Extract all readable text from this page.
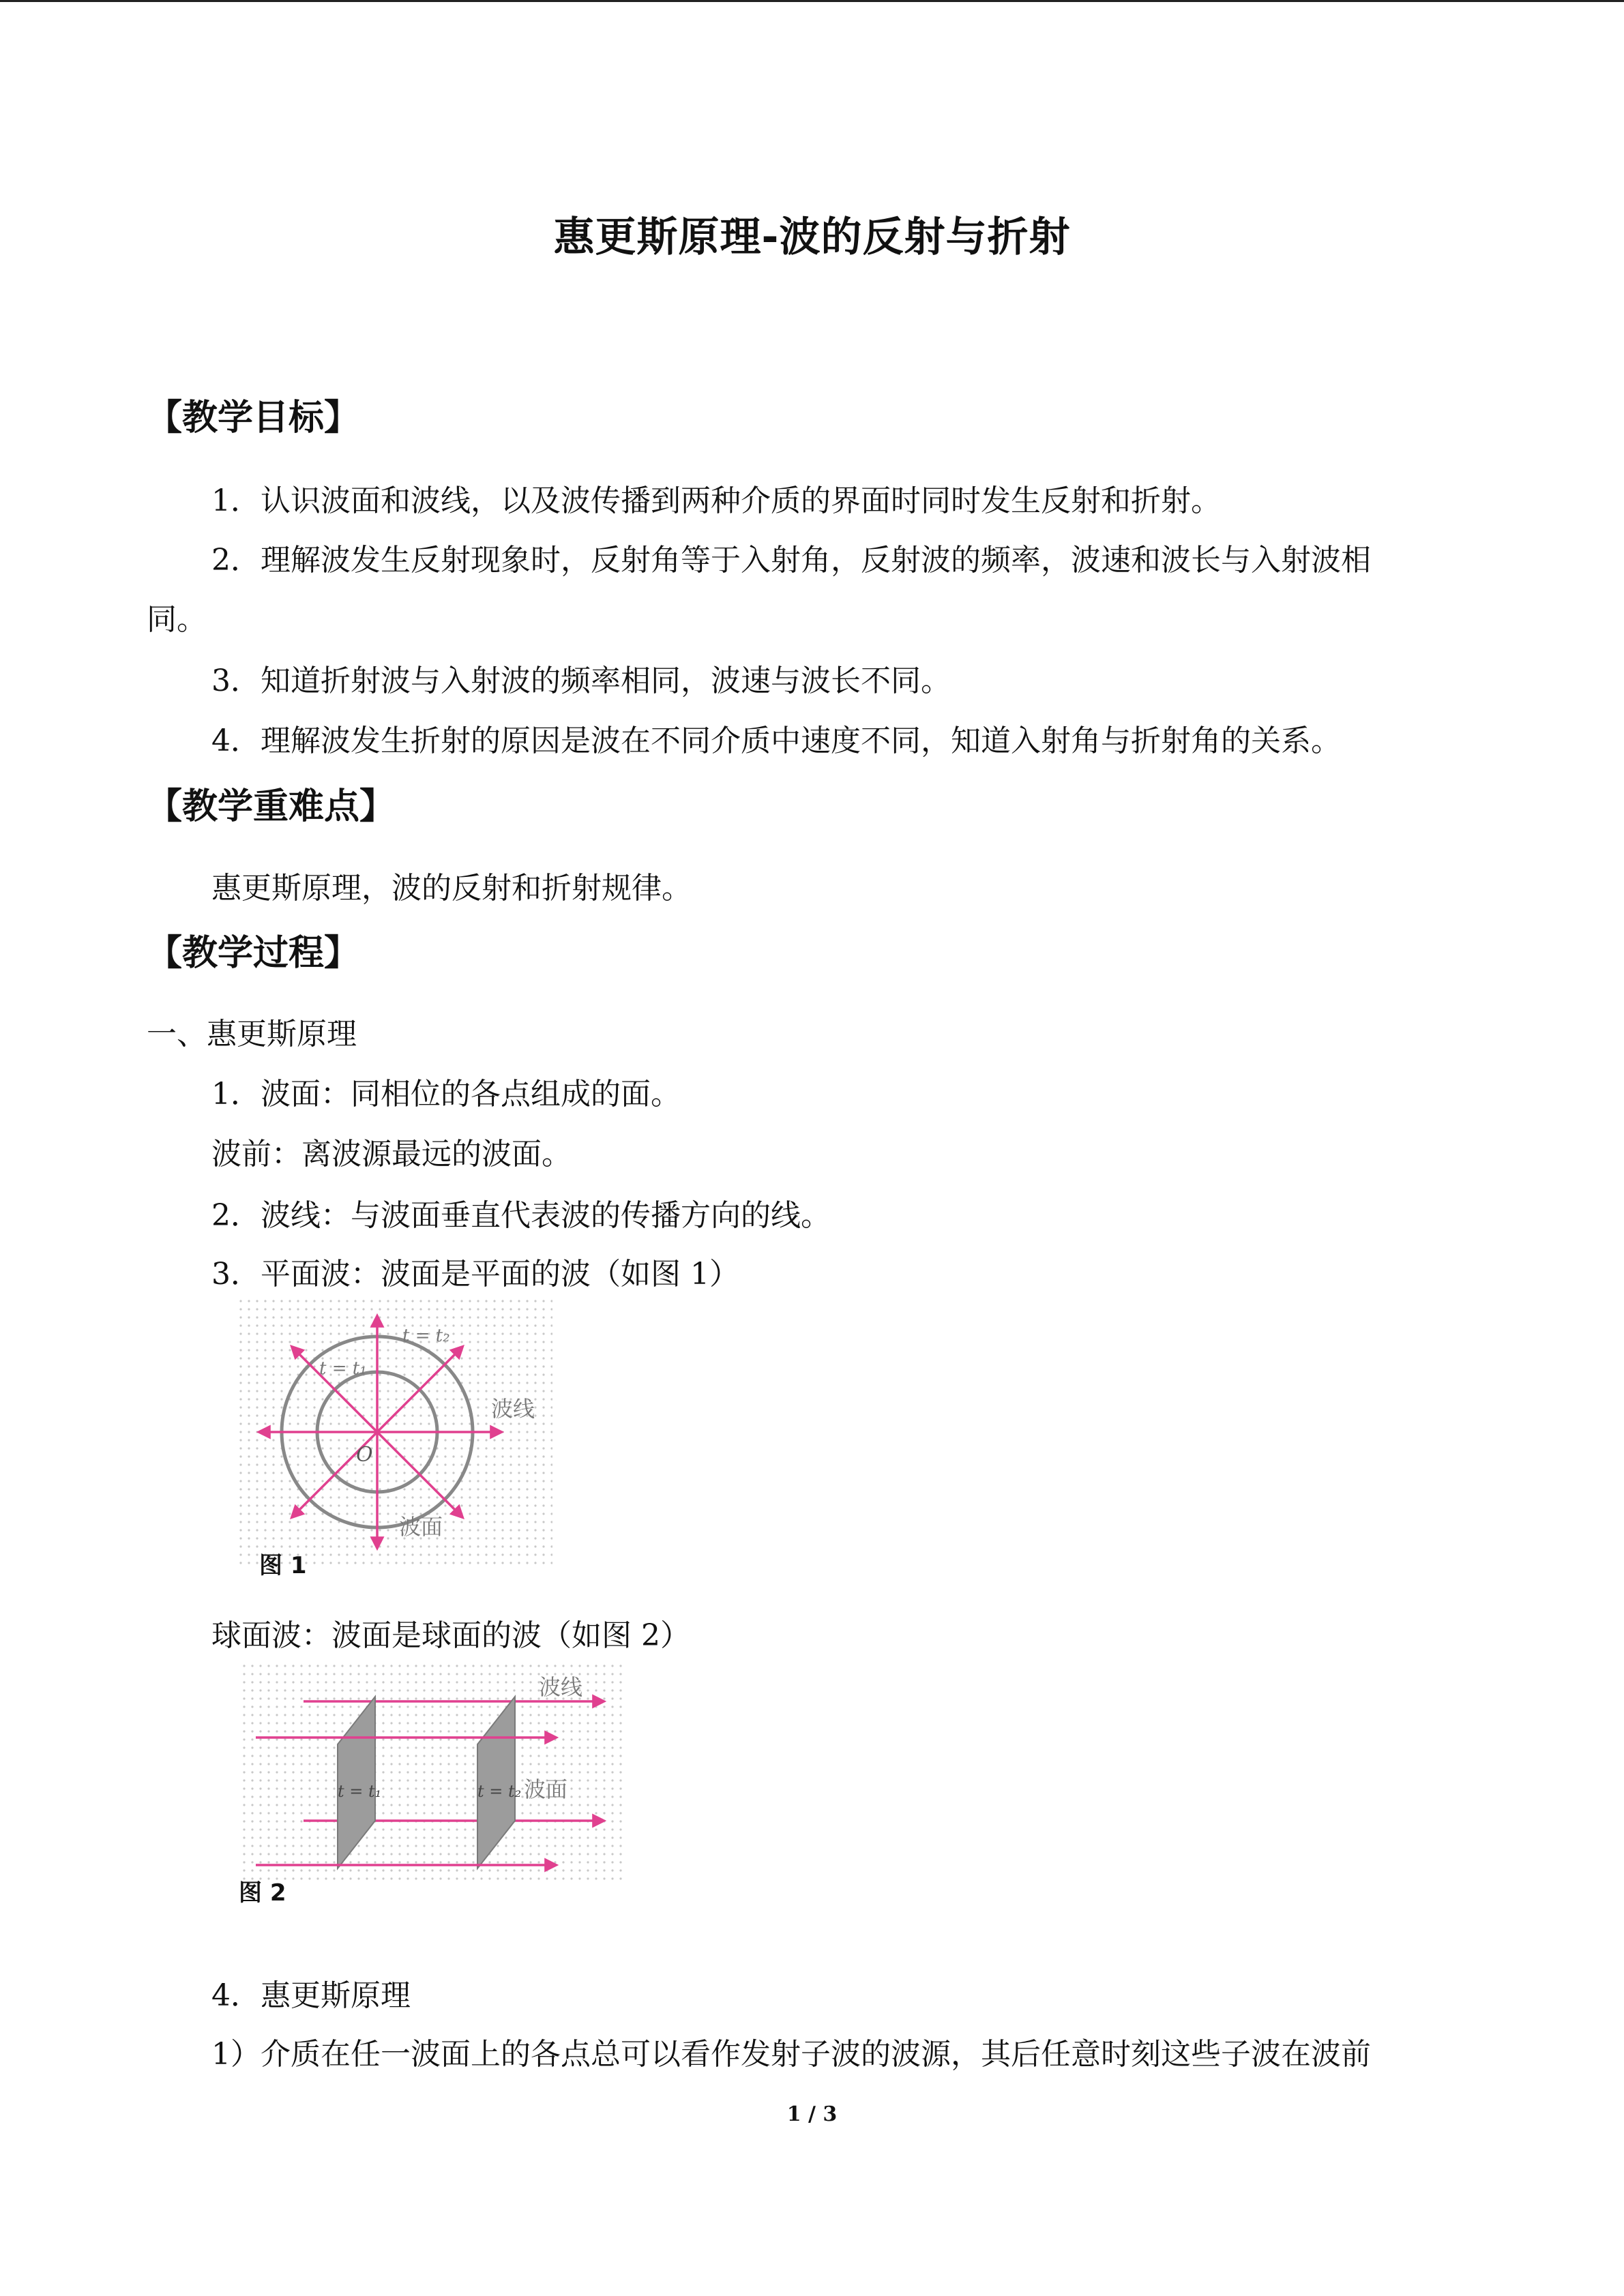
惠更斯原理-波的反射与折射
【教学目标】
1．认识波面和波线，以及波传播到两种介质的界面时同时发生反射和折射。
2．理解波发生反射现象时，反射角等于入射角，反射波的频率，波速和波长与入射波相
同。
3．知道折射波与入射波的频率相同，波速与波长不同。
4．理解波发生折射的原因是波在不同介质中速度不同，知道入射角与折射角的关系。
【教学重难点】
惠更斯原理，波的反射和折射规律。
【教学过程】
一、惠更斯原理
1．波面：同相位的各点组成的面。
波前：离波源最远的波面。
2．波线：与波面垂直代表波的传播方向的线。
3．平面波：波面是平面的波（如图 1）
t = t₂
t = t₁
波线
O
波面
图 1
球面波：波面是球面的波（如图 2）
波线
t = t₁	t = t₂ 波面
图 2
4．惠更斯原理
1）介质在任一波面上的各点总可以看作发射子波的波源，其后任意时刻这些子波在波前
1 / 3
